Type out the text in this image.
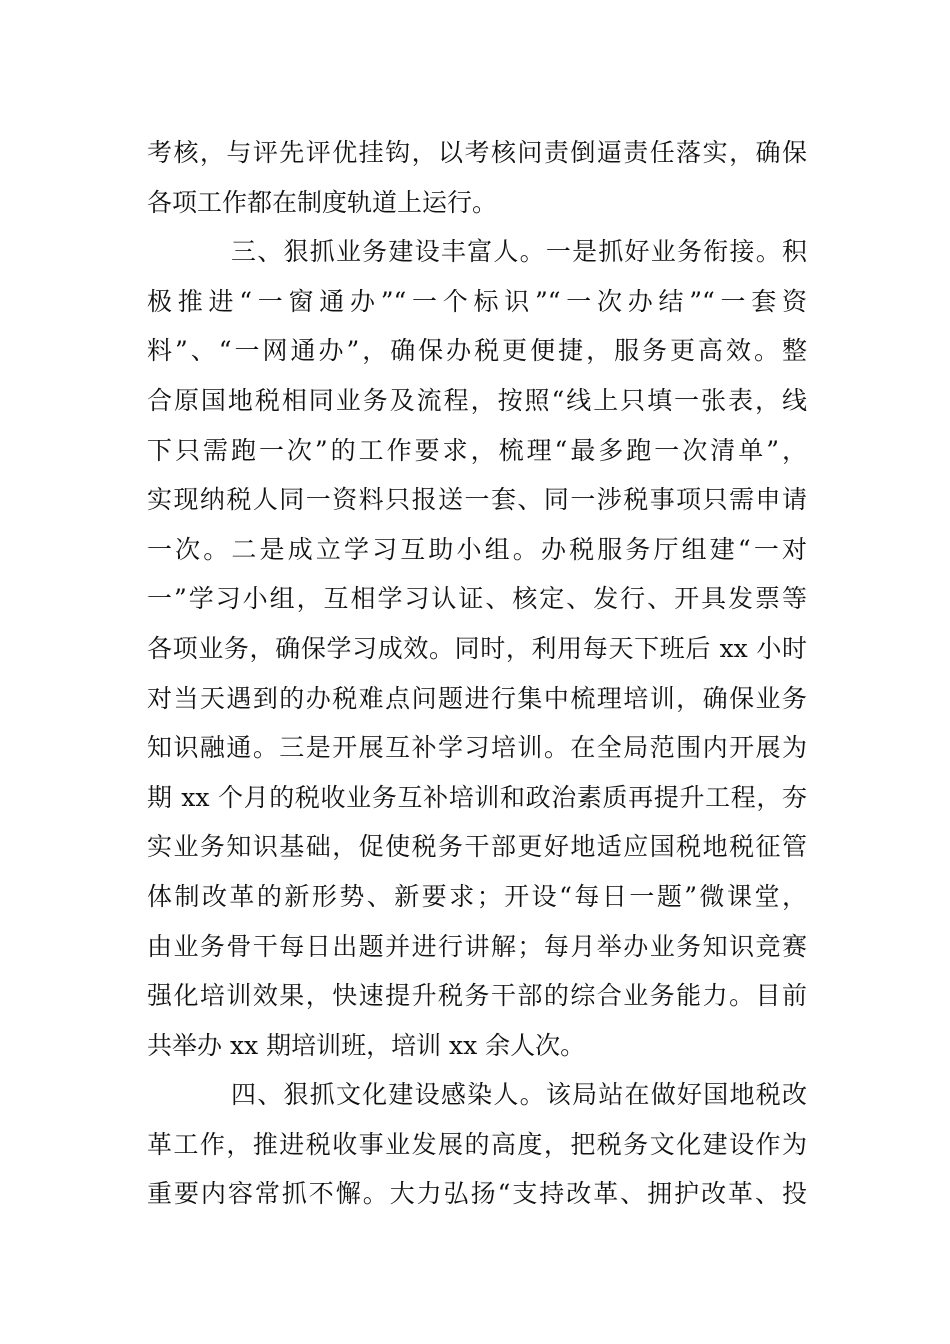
考核，与评先评优挂钩，以考核问责倒逼责任落实，确保
各项工作都在制度轨道上运行。
三、狠抓业务建设丰富人。一是抓好业务衔接。积
极推进“一窗通办”“一个标识”“一次办结”“一套资
料”、“一网通办”，确保办税更便捷，服务更高效。整
合原国地税相同业务及流程，按照“线上只填一张表，线
下只需跑一次”的工作要求，梳理“最多跑一次清单”，
实现纳税人同一资料只报送一套、同一涉税事项只需申请
一次。二是成立学习互助小组。办税服务厅组建“一对
一”学习小组，互相学习认证、核定、发行、开具发票等
各项业务，确保学习成效。同时，利用每天下班后 xx 小时
对当天遇到的办税难点问题进行集中梳理培训，确保业务
知识融通。三是开展互补学习培训。在全局范围内开展为
期 xx 个月的税收业务互补培训和政治素质再提升工程，夯
实业务知识基础，促使税务干部更好地适应国税地税征管
体制改革的新形势、新要求；开设“每日一题”微课堂，
由业务骨干每日出题并进行讲解；每月举办业务知识竞赛
强化培训效果，快速提升税务干部的综合业务能力。目前
共举办 xx 期培训班，培训 xx 余人次。
四、狠抓文化建设感染人。该局站在做好国地税改
革工作，推进税收事业发展的高度，把税务文化建设作为
重要内容常抓不懈。大力弘扬“支持改革、拥护改革、投
